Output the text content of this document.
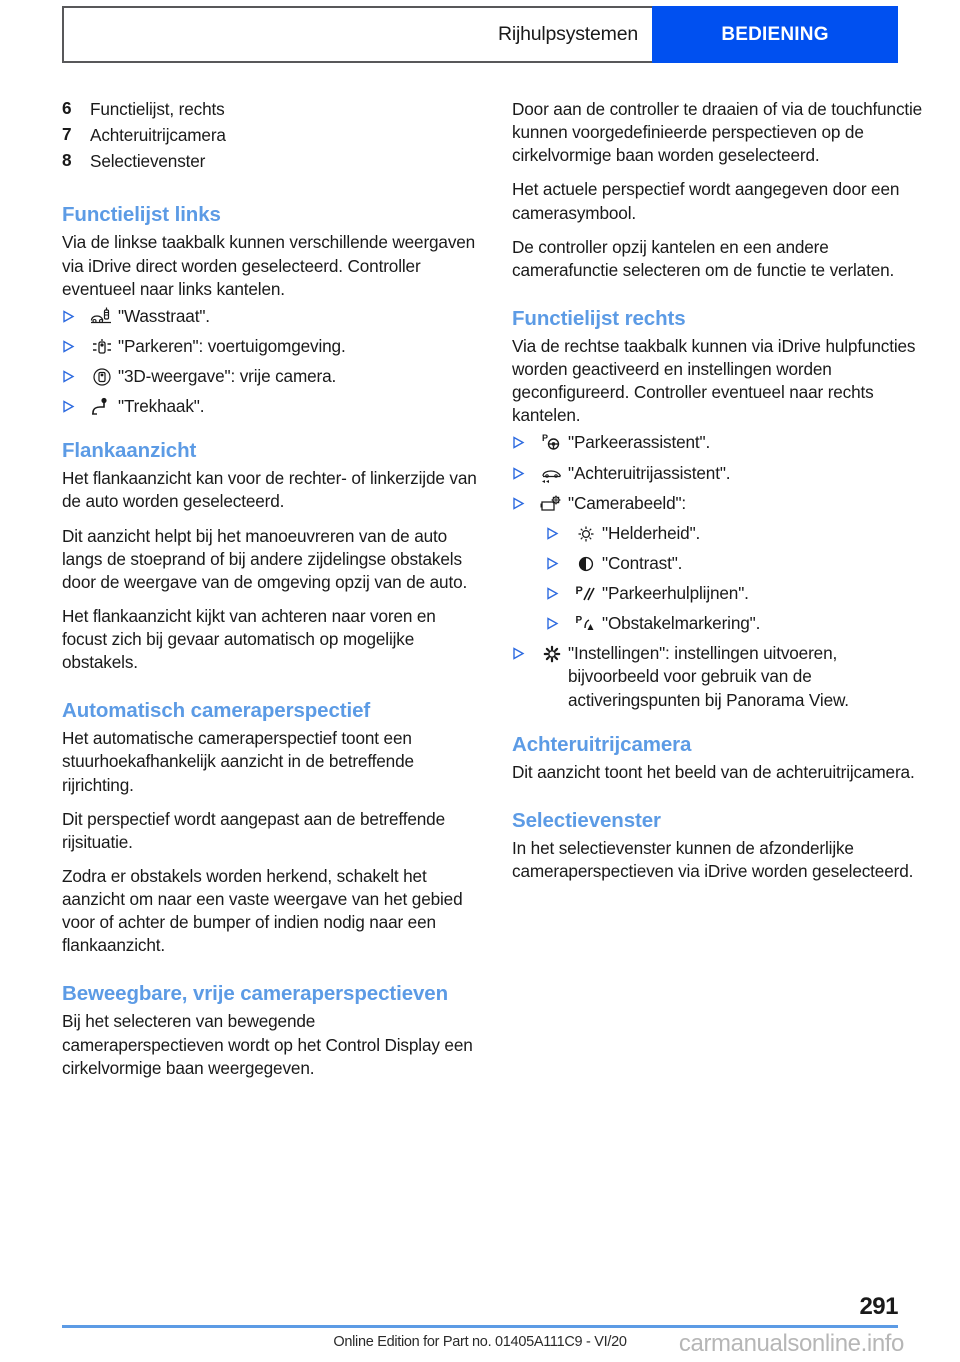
Rijhulpsystemen	BEDIENING
6	Functielijst, rechts
7	Achteruitrijcamera
8	Selectievenster
Functielijst links

Via de linkse taakbalk kunnen verschillende weergaven via iDrive direct worden geselecteerd. Controller eventueel naar links kantelen.

"Wasstraat".
"Parkeren": voertuigomgeving.
"3D-weergave": vrije camera.
"Trekhaak".
Flankaanzicht

Het flankaanzicht kan voor de rechter- of linkerzijde van de auto worden geselecteerd.

Dit aanzicht helpt bij het manoeuvreren van de auto langs de stoeprand of bij andere zijdelingse obstakels door de weergave van de omgeving opzij van de auto.

Het flankaanzicht kijkt van achteren naar voren en focust zich bij gevaar automatisch op mogelijke obstakels.

Automatisch cameraperspectief

Het automatische cameraperspectief toont een stuurhoekafhankelijk aanzicht in de betreffende rijrichting.

Dit perspectief wordt aangepast aan de betreffende rijsituatie.

Zodra er obstakels worden herkend, schakelt het aanzicht om naar een vaste weergave van het gebied voor of achter de bumper of indien nodig naar een flankaanzicht.

Beweegbare, vrije cameraperspectieven

Bij het selecteren van bewegende cameraperspectieven wordt op het Control Display een cirkelvormige baan weergegeven.

Door aan de controller te draaien of via de touchfunctie kunnen voorgedefinieerde perspectieven op de cirkelvormige baan worden geselecteerd.

Het actuele perspectief wordt aangegeven door een camerasymbool.

De controller opzij kantelen en een andere camerafunctie selecteren om de functie te verlaten.

Functielijst rechts

Via de rechtse taakbalk kunnen via iDrive hulpfuncties worden geactiveerd en instellingen worden geconfigureerd. Controller eventueel naar rechts kantelen.

P "Parkeerassistent".
"Achteruitrijassistent".
"Camerabeeld":
"Helderheid".
"Contrast".
P "Parkeerhulplijnen".
P "Obstakelmarkering".
"Instellingen": instellingen uitvoeren, bijvoorbeeld voor gebruik van de activeringspunten bij Panorama View.
Achteruitrijcamera

Dit aanzicht toont het beeld van de achteruitrijcamera.

Selectievenster

In het selectievenster kunnen de afzonderlijke cameraperspectieven via iDrive worden geselecteerd.

291
Online Edition for Part no. 01405A111C9 - VI/20	carmanualsonline.info
